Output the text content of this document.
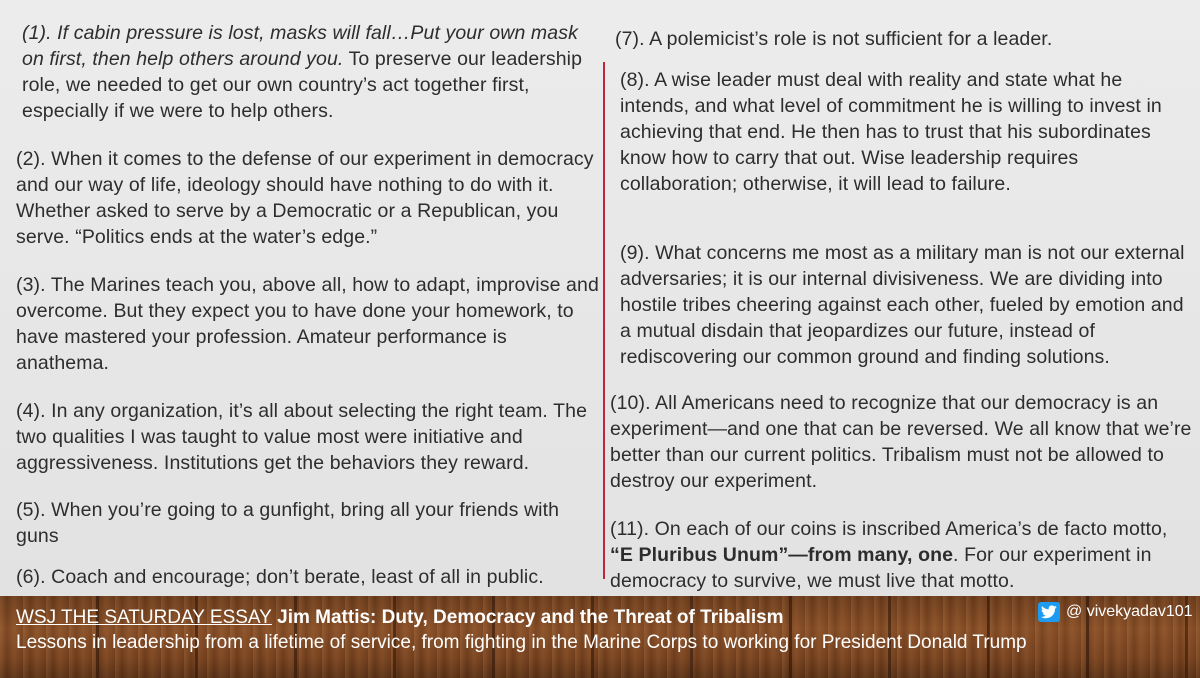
(1). If cabin pressure is lost, masks will fall…Put your own mask on first, then help others around you. To preserve our leadership role, we needed to get our own country’s act together first, especially if we were to help others.

(2). When it comes to the defense of our experiment in democracy and our way of life, ideology should have nothing to do with it. Whether asked to serve by a Democratic or a Republican, you serve. “Politics ends at the water’s edge.”

(3). The Marines teach you, above all, how to adapt, improvise and overcome. But they expect you to have done your homework, to have mastered your profession. Amateur performance is anathema.

(4). In any organization, it’s all about selecting the right team. The two qualities I was taught to value most were initiative and aggressiveness. Institutions get the behaviors they reward.

(5). When you’re going to a gunfight, bring all your friends with guns

(6). Coach and encourage; don’t berate, least of all in public.

(7). A polemicist’s role is not sufficient for a leader.

(8). A wise leader must deal with reality and state what he intends, and what level of commitment he is willing to invest in achieving that end. He then has to trust that his subordinates know how to carry that out. Wise leadership requires collaboration; otherwise, it will lead to failure.

(9). What concerns me most as a military man is not our external adversaries; it is our internal divisiveness. We are dividing into hostile tribes cheering against each other, fueled by emotion and a mutual disdain that jeopardizes our future, instead of rediscovering our common ground and finding solutions.

(10). All Americans need to recognize that our democracy is an experiment—and one that can be reversed. We all know that we’re better than our current politics. Tribalism must not be allowed to destroy our experiment.

(11). On each of our coins is inscribed America’s de facto motto, “E Pluribus Unum”—from many, one. For our experiment in democracy to survive, we must live that motto.

WSJ THE SATURDAY ESSAY Jim Mattis: Duty, Democracy and the Threat of Tribalism
Lessons in leadership from a lifetime of service, from fighting in the Marine Corps to working for President Donald Trump
@ vivekyadav101
